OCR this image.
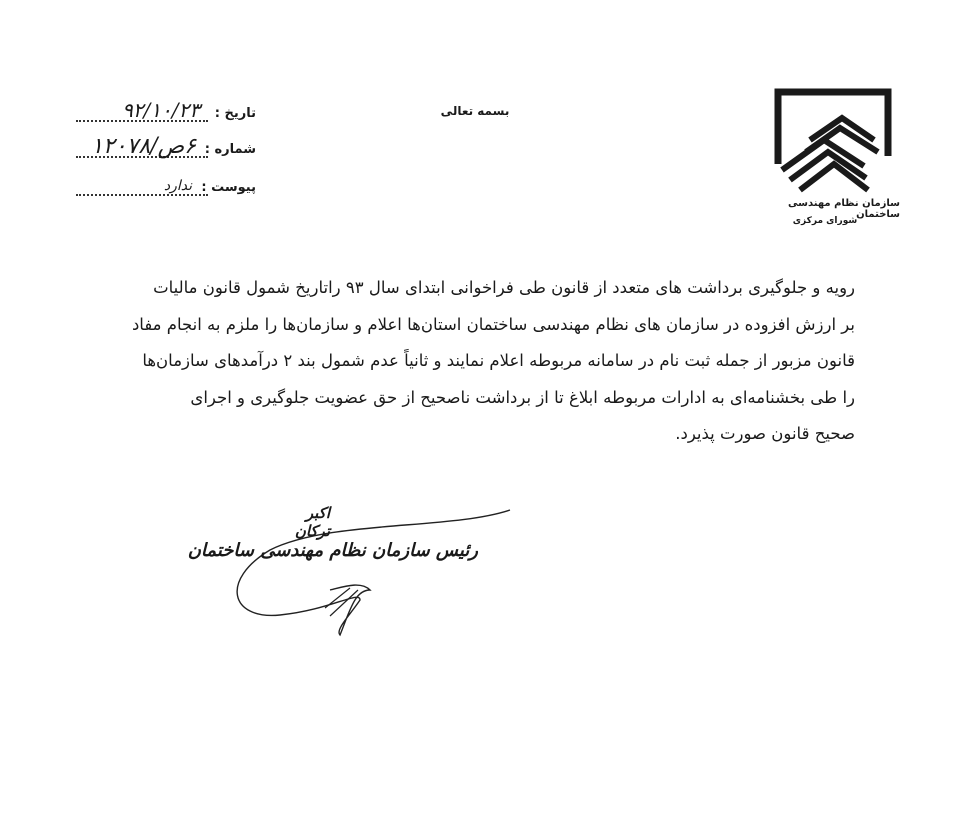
سازمان نظام مهندسی ساختمان
شورای مرکزی
بسمه تعالی
تاریخ :
۹۲/۱۰/۲۳
شماره :
۶ص/۱۲۰۷۸
پیوست :
ندارد
رویه و جلوگیری برداشت های متعدد از قانون طی فراخوانی ابتدای سال ۹۳ راتاریخ شمول قانون مالیات
بر ارزش افزوده در سازمان های نظام مهندسی ساختمان استان‌ها اعلام و سازمان‌ها را ملزم به انجام مفاد
قانون مزبور از جمله ثبت نام در سامانه مربوطه اعلام نمایند و ثانیاً عدم شمول بند ۲ درآمدهای سازمان‌ها
را طی بخشنامه‌ای به ادارات مربوطه ابلاغ تا از برداشت ناصحیح از حق عضویت جلوگیری و اجرای
صحیح قانون صورت پذیرد.
اکبر ترکان
رئیس سازمان نظام مهندسی ساختمان
